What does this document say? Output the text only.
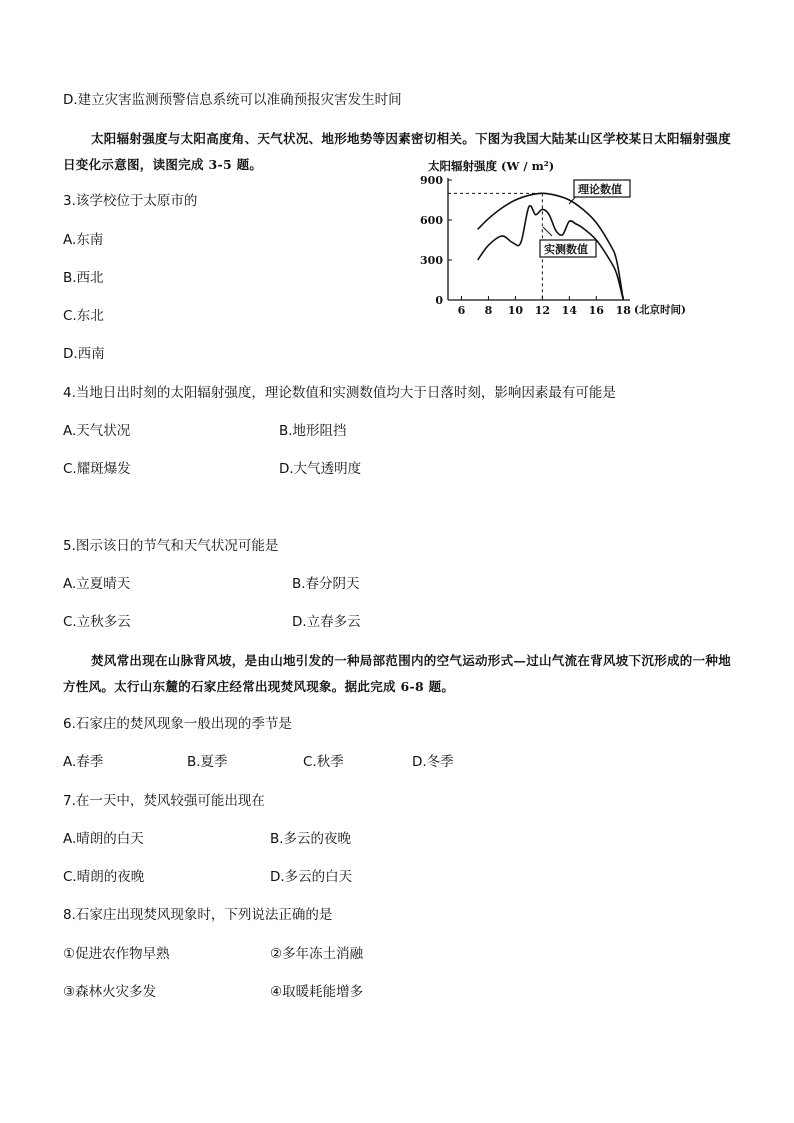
D.建立灾害监测预警信息系统可以准确预报灾害发生时间
太阳辐射强度与太阳高度角、天气状况、地形地势等因素密切相关。下图为我国大陆某山区学校某日太阳辐射强度日变化示意图，读图完成 3-5 题。	太阳辐射强度 (W / m²)
0
300
600
900
6 8 10 12 14 16 18 (北京时间)
理论数值
实测数值
3.该学校位于太原市的
A.东南
B.西北
C.东北
D.西南
4.当地日出时刻的太阳辐射强度，理论数值和实测数值均大于日落时刻，影响因素最有可能是
A.天气状况	B.地形阻挡
C.耀斑爆发	D.大气透明度
5.图示该日的节气和天气状况可能是
A.立夏晴天	B.春分阴天
C.立秋多云	D.立春多云
焚风常出现在山脉背风坡，是由山地引发的一种局部范围内的空气运动形式—过山气流在背风坡下沉形成的一种地方性风。太行山东麓的石家庄经常出现焚风现象。据此完成 6-8 题。
6.石家庄的焚风现象一般出现的季节是
A.春季	B.夏季	C.秋季	D.冬季
7.在一天中，焚风较强可能出现在
A.晴朗的白天	B.多云的夜晚
C.晴朗的夜晚	D.多云的白天
8.石家庄出现焚风现象时，下列说法正确的是
①促进农作物早熟	②多年冻土消融
③森林火灾多发	④取暖耗能增多
